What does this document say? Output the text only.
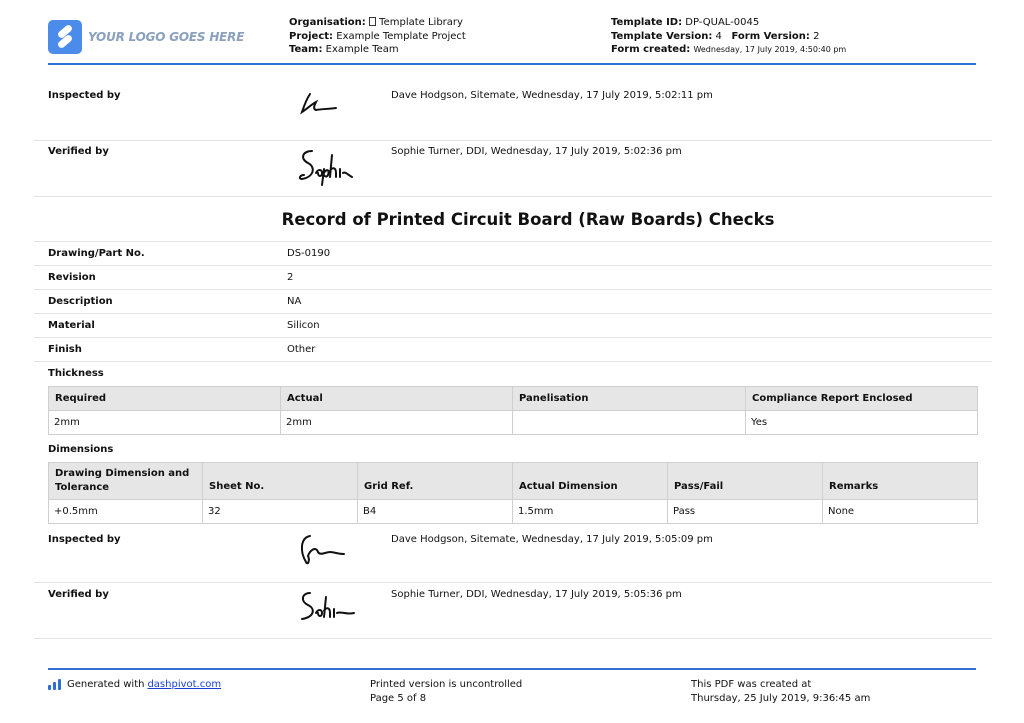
YOUR LOGO GOES HERE
Organisation:  Template Library
Project: Example Template Project
Team: Example Team
Template ID: DP-QUAL-0045
Template Version: 4 Form Version: 2
Form created: Wednesday, 17 July 2019, 4:50:40 pm
Inspected by	Dave Hodgson, Sitemate, Wednesday, 17 July 2019, 5:02:11 pm
Verified by	Sophie Turner, DDI, Wednesday, 17 July 2019, 5:02:36 pm
Record of Printed Circuit Board (Raw Boards) Checks
Drawing/Part No.	DS-0190
Revision	2
Description	NA
Material	Silicon
Finish	Other
Thickness
Required	Actual	Panelisation	Compliance Report Enclosed
2mm	2mm		Yes
Dimensions
Drawing Dimension and Tolerance	Sheet No.	Grid Ref.	Actual Dimension	Pass/Fail	Remarks
+0.5mm	32	B4	1.5mm	Pass	None
Inspected by	Dave Hodgson, Sitemate, Wednesday, 17 July 2019, 5:05:09 pm
Verified by	Sophie Turner, DDI, Wednesday, 17 July 2019, 5:05:36 pm
Generated with dashpivot.com	Printed version is uncontrolled
Page 5 of 8
This PDF was created at
Thursday, 25 July 2019, 9:36:45 am
